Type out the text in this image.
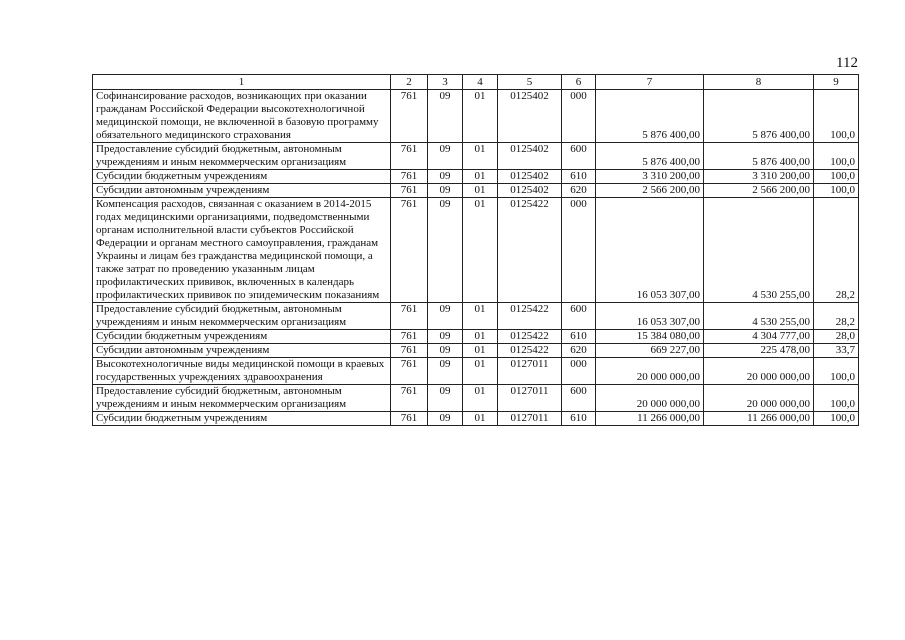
112
1	2	3	4	5	6	7	8	9
Софинансирование расходов, возникающих при оказании гражданам Российской Федерации высокотехнологичной медицинской помощи, не включенной в базовую программу обязательного медицинского страхования	761	09	01	0125402	000	5 876 400,00	5 876 400,00	100,0
Предоставление субсидий бюджетным, автономным учреждениям и иным некоммерческим организациям	761	09	01	0125402	600	5 876 400,00	5 876 400,00	100,0
Субсидии бюджетным учреждениям	761	09	01	0125402	610	3 310 200,00	3 310 200,00	100,0
Субсидии автономным учреждениям	761	09	01	0125402	620	2 566 200,00	2 566 200,00	100,0
Компенсация расходов, связанная с оказанием в 2014-2015 годах медицинскими организациями, подведомственными органам исполнительной власти субъектов Российской Федерации и органам местного самоуправления, гражданам Украины и лицам без гражданства медицинской помощи, а также затрат по проведению указанным лицам профилактических прививок, включенных в календарь профилактических прививок по эпидемическим показаниям	761	09	01	0125422	000	16 053 307,00	4 530 255,00	28,2
Предоставление субсидий бюджетным, автономным учреждениям и иным некоммерческим организациям	761	09	01	0125422	600	16 053 307,00	4 530 255,00	28,2
Субсидии бюджетным учреждениям	761	09	01	0125422	610	15 384 080,00	4 304 777,00	28,0
Субсидии автономным учреждениям	761	09	01	0125422	620	669 227,00	225 478,00	33,7
Высокотехнологичные виды медицинской помощи в краевых государственных учреждениях здравоохранения	761	09	01	0127011	000	20 000 000,00	20 000 000,00	100,0
Предоставление субсидий бюджетным, автономным учреждениям и иным некоммерческим организациям	761	09	01	0127011	600	20 000 000,00	20 000 000,00	100,0
Субсидии бюджетным учреждениям	761	09	01	0127011	610	11 266 000,00	11 266 000,00	100,0
